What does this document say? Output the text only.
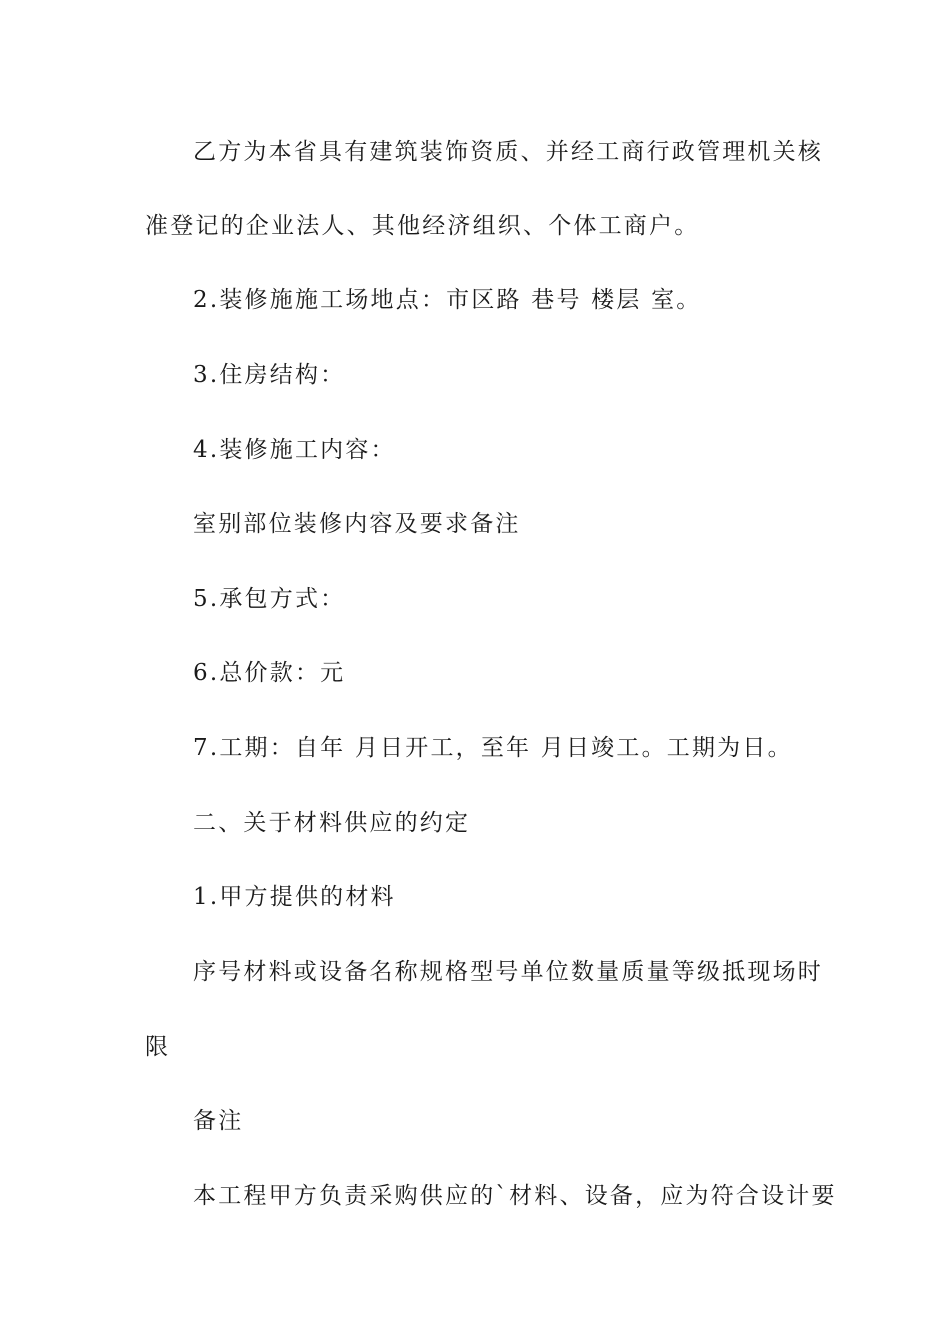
乙方为本省具有建筑装饰资质、并经工商行政管理机关核

准登记的企业法人、其他经济组织、个体工商户。

2.装修施施工场地点：市区路 巷号 楼层 室。

3.住房结构：

4.装修施工内容：

室别部位装修内容及要求备注

5.承包方式：

6.总价款：元

7.工期：自年 月日开工，至年 月日竣工。工期为日。

二、关于材料供应的约定

1.甲方提供的材料

序号材料或设备名称规格型号单位数量质量等级抵现场时

限

备注

本工程甲方负责采购供应的`材料、设备，应为符合设计要
